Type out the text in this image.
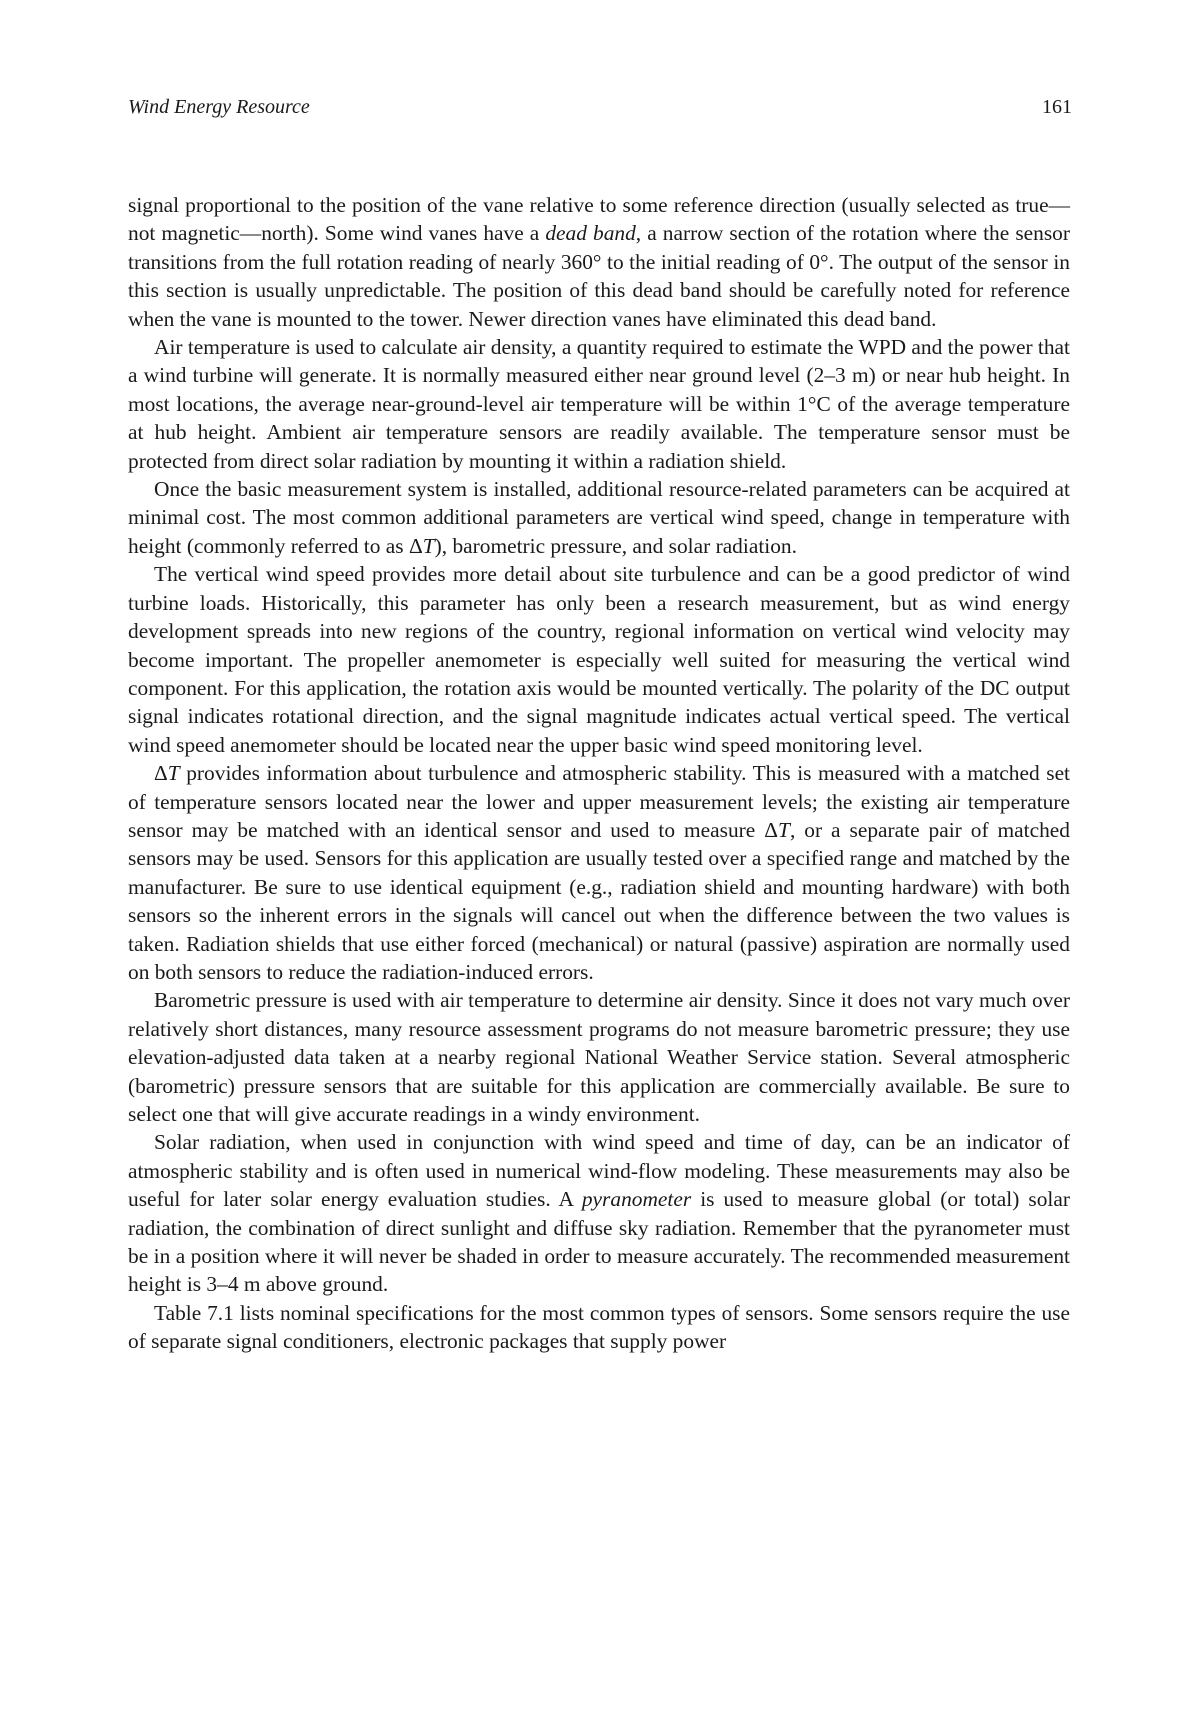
Wind Energy Resource	161

signal proportional to the position of the vane relative to some reference direction (usually selected as true—not magnetic—north). Some wind vanes have a dead band, a narrow section of the rotation where the sensor transitions from the full rotation reading of nearly 360° to the initial reading of 0°. The output of the sensor in this section is usually unpredictable. The position of this dead band should be carefully noted for reference when the vane is mounted to the tower. Newer direction vanes have eliminated this dead band.

Air temperature is used to calculate air density, a quantity required to estimate the WPD and the power that a wind turbine will generate. It is normally measured either near ground level (2–3 m) or near hub height. In most locations, the average near-ground-level air temperature will be within 1°C of the average temperature at hub height. Ambient air temperature sensors are readily available. The temperature sensor must be protected from direct solar radiation by mounting it within a radiation shield.

Once the basic measurement system is installed, additional resource-related parameters can be acquired at minimal cost. The most common additional parameters are vertical wind speed, change in temperature with height (commonly referred to as ΔT), barometric pressure, and solar radiation.

The vertical wind speed provides more detail about site turbulence and can be a good predictor of wind turbine loads. Historically, this parameter has only been a research measurement, but as wind energy development spreads into new regions of the country, regional information on vertical wind velocity may become important. The propeller anemometer is especially well suited for measuring the vertical wind component. For this application, the rotation axis would be mounted vertically. The polarity of the DC output signal indicates rotational direction, and the signal magnitude indicates actual vertical speed. The vertical wind speed anemometer should be located near the upper basic wind speed monitoring level.

ΔT provides information about turbulence and atmospheric stability. This is measured with a matched set of temperature sensors located near the lower and upper measurement levels; the existing air temperature sensor may be matched with an identical sensor and used to measure ΔT, or a separate pair of matched sensors may be used. Sensors for this application are usually tested over a specified range and matched by the manufacturer. Be sure to use identical equipment (e.g., radiation shield and mounting hardware) with both sensors so the inherent errors in the signals will cancel out when the difference between the two values is taken. Radiation shields that use either forced (mechanical) or natural (passive) aspiration are normally used on both sensors to reduce the radiation-induced errors.

Barometric pressure is used with air temperature to determine air density. Since it does not vary much over relatively short distances, many resource assessment programs do not measure barometric pressure; they use elevation-adjusted data taken at a nearby regional National Weather Service station. Several atmospheric (barometric) pressure sensors that are suitable for this application are commercially available. Be sure to select one that will give accurate readings in a windy environment.

Solar radiation, when used in conjunction with wind speed and time of day, can be an indicator of atmospheric stability and is often used in numerical wind-flow modeling. These measurements may also be useful for later solar energy evaluation studies. A pyranometer is used to measure global (or total) solar radiation, the combination of direct sunlight and diffuse sky radiation. Remember that the pyranometer must be in a position where it will never be shaded in order to measure accurately. The recommended measurement height is 3–4 m above ground.

Table 7.1 lists nominal specifications for the most common types of sensors. Some sensors require the use of separate signal conditioners, electronic packages that supply power
